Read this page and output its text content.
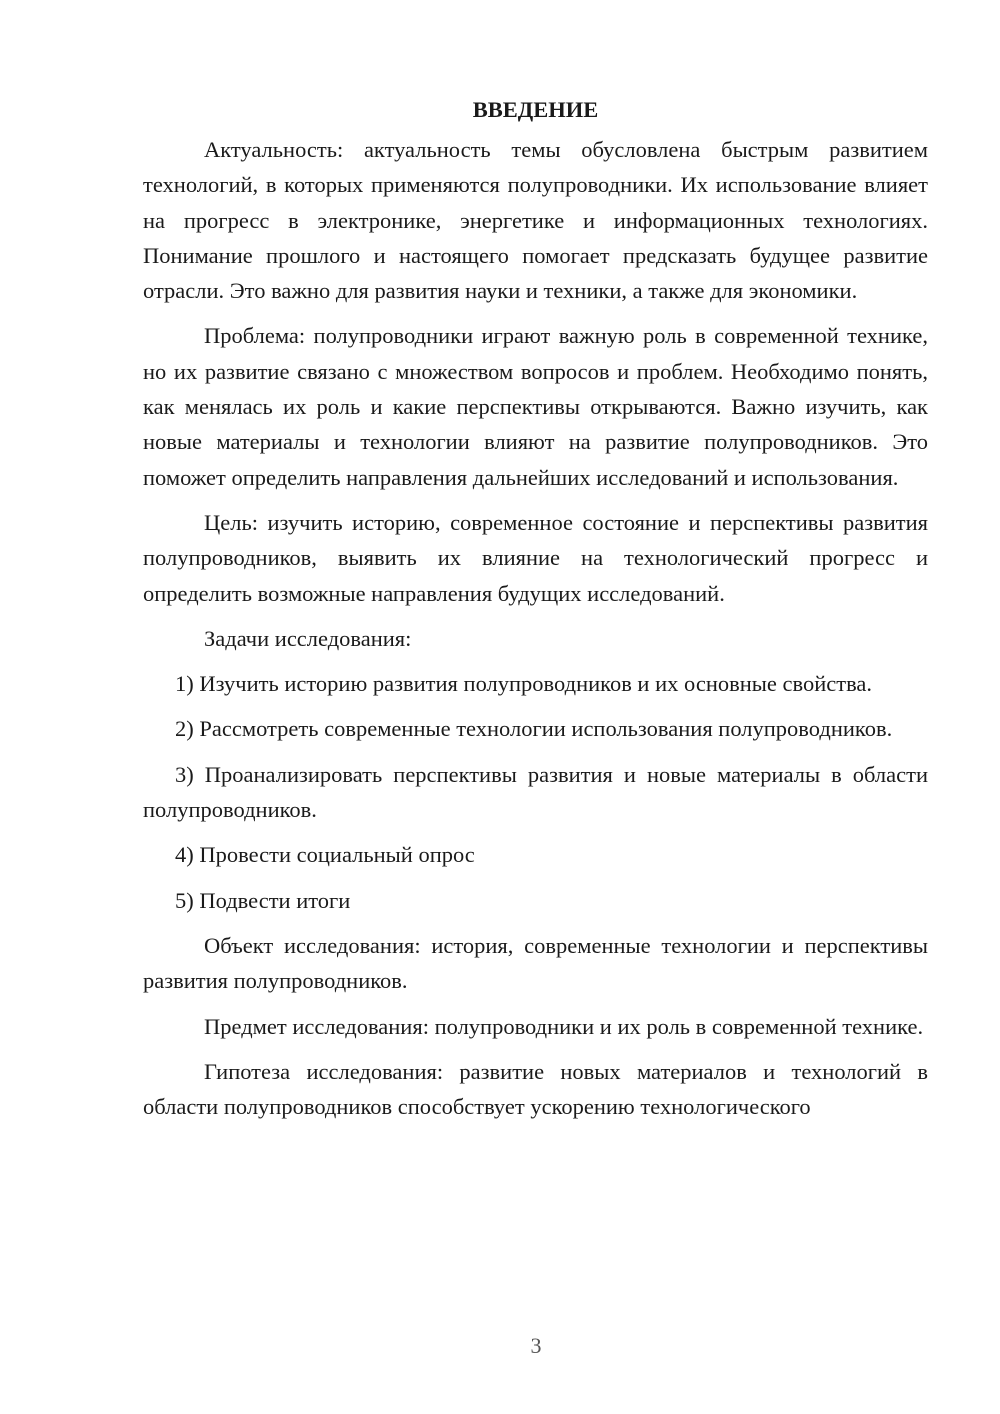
ВВЕДЕНИЕ

Актуальность: актуальность темы обусловлена быстрым развитием технологий, в которых применяются полупроводники. Их использование влияет на прогресс в электронике, энергетике и информационных технологиях. Понимание прошлого и настоящего помогает предсказать будущее развитие отрасли. Это важно для развития науки и техники, а также для экономики.

Проблема: полупроводники играют важную роль в современной технике, но их развитие связано с множеством вопросов и проблем. Необходимо понять, как менялась их роль и какие перспективы открываются. Важно изучить, как новые материалы и технологии влияют на развитие полупроводников. Это поможет определить направления дальнейших исследований и использования.

Цель: изучить историю, современное состояние и перспективы развития полупроводников, выявить их влияние на технологический прогресс и определить возможные направления будущих исследований.

Задачи исследования:

1) Изучить историю развития полупроводников и их основные свойства.

2) Рассмотреть современные технологии использования полупроводников.

3) Проанализировать перспективы развития и новые материалы в области полупроводников.

4) Провести социальный опрос

5) Подвести итоги

Объект исследования: история, современные технологии и перспективы развития полупроводников.

Предмет исследования: полупроводники и их роль в современной технике.

Гипотеза исследования: развитие новых материалов и технологий в области полупроводников способствует ускорению технологического

3
